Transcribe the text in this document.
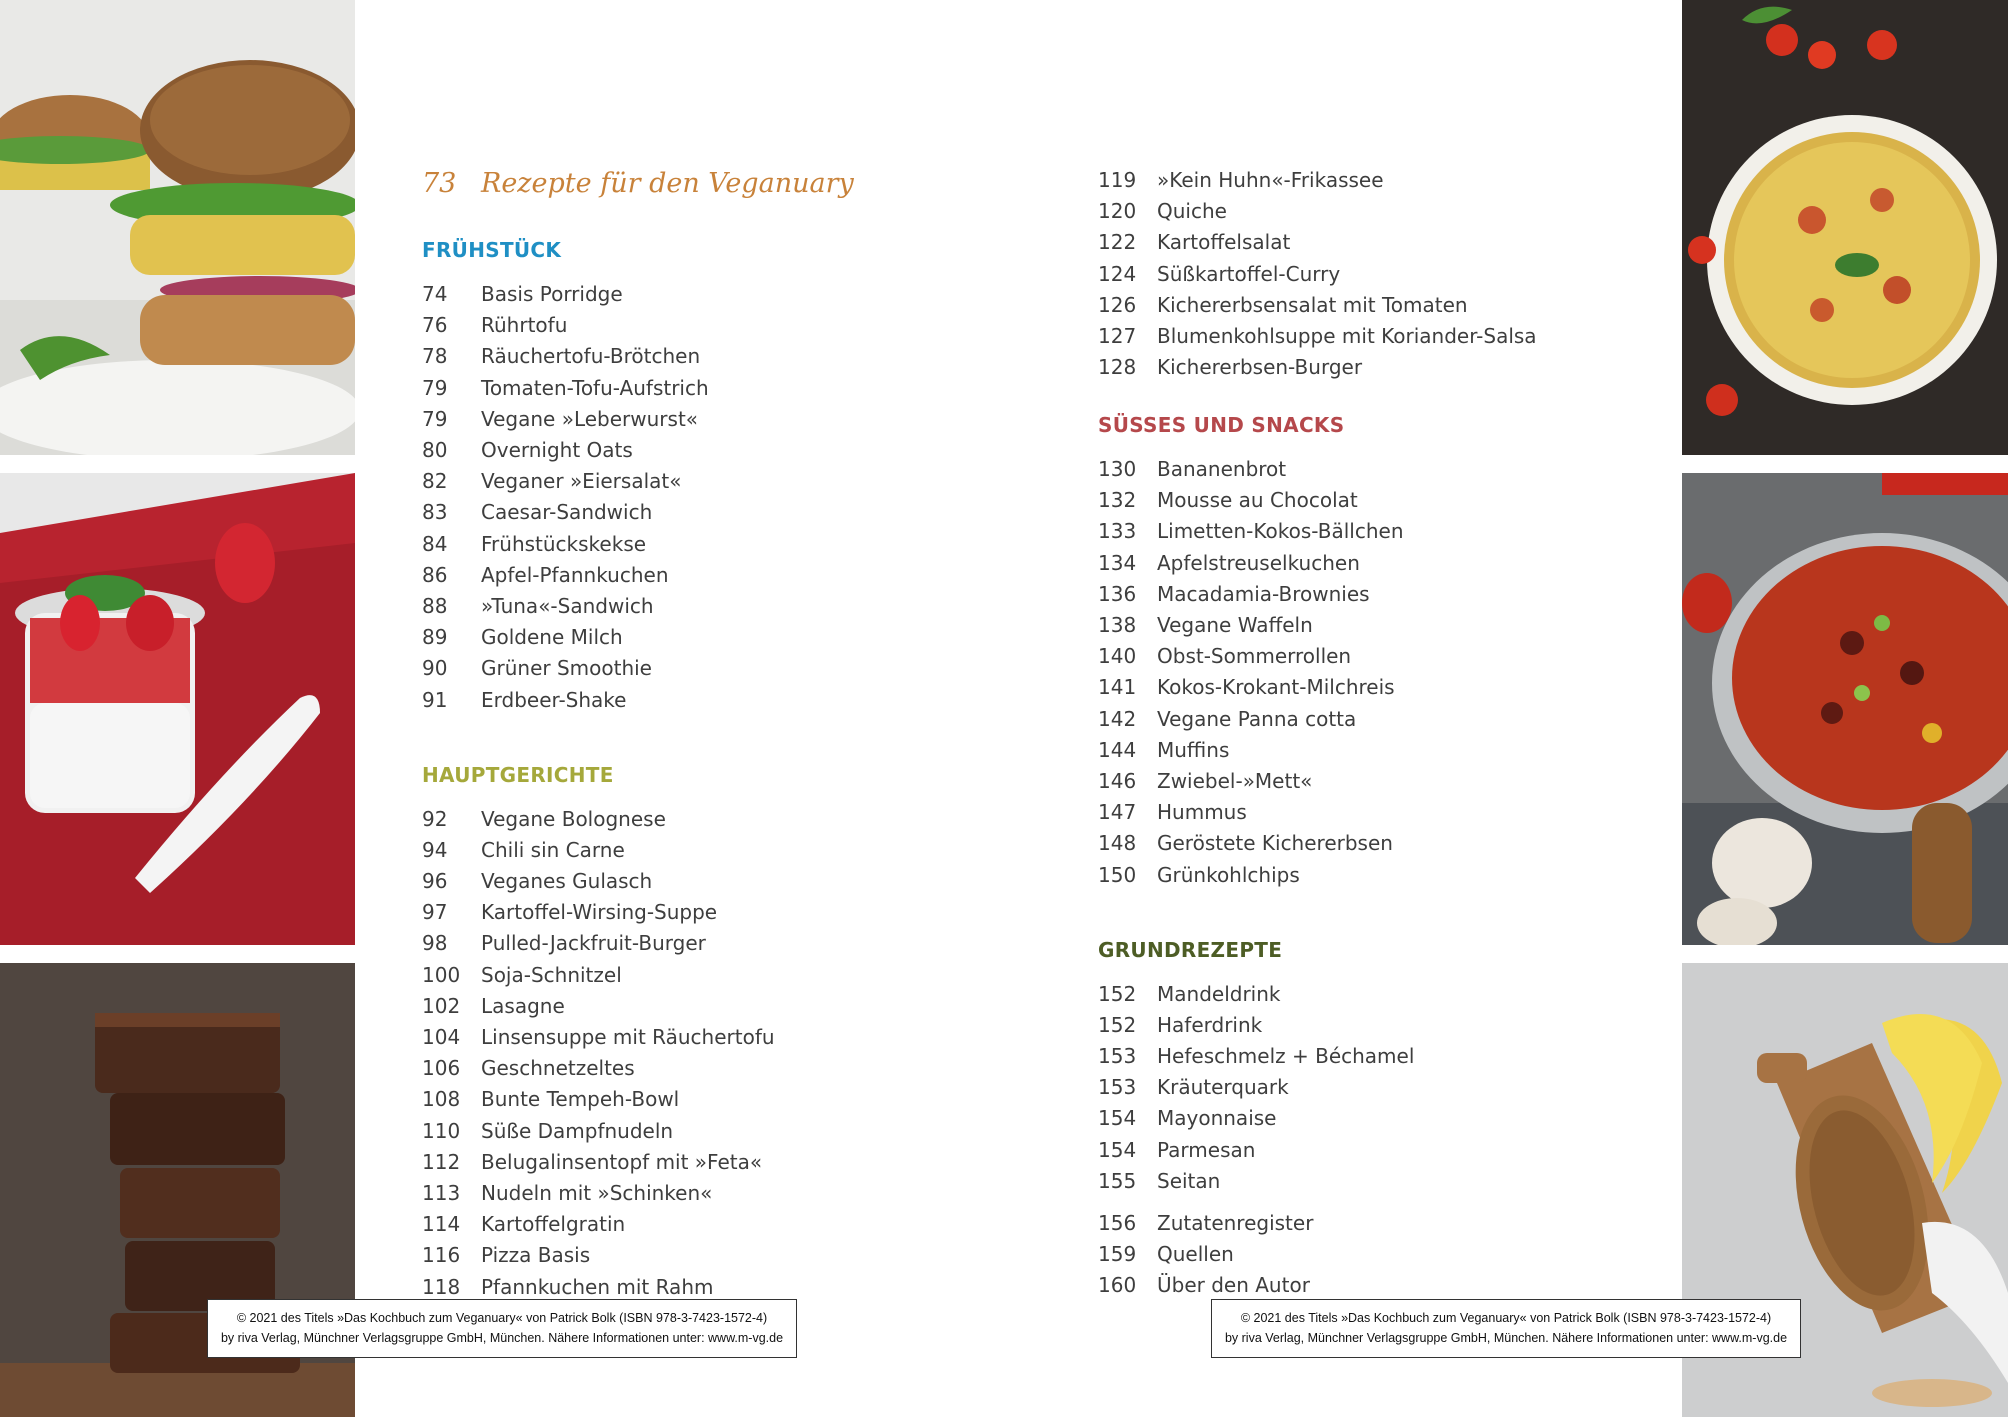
73 Rezepte für den Veganuary
FRÜHSTÜCK
74 Basis Porridge
76 Rührtofu
78 Räuchertofu-Brötchen
79 Tomaten-Tofu-Aufstrich
79 Vegane »Leberwurst«
80 Overnight Oats
82 Veganer »Eiersalat«
83 Caesar-Sandwich
84 Frühstückskekse
86 Apfel-Pfannkuchen
88 »Tuna«-Sandwich
89 Goldene Milch
90 Grüner Smoothie
91 Erdbeer-Shake
HAUPTGERICHTE
92 Vegane Bolognese
94 Chili sin Carne
96 Veganes Gulasch
97 Kartoffel-Wirsing-Suppe
98 Pulled-Jackfruit-Burger
100 Soja-Schnitzel
102 Lasagne
104 Linsensuppe mit Räuchertofu
106 Geschnetzeltes
108 Bunte Tempeh-Bowl
110 Süße Dampfnudeln
112 Belugalinsentopf mit »Feta«
113 Nudeln mit »Schinken«
114 Kartoffelgratin
116 Pizza Basis
118 Pfannkuchen mit Rahm
119 »Kein Huhn«-Frikassee
120 Quiche
122 Kartoffelsalat
124 Süßkartoffel-Curry
126 Kichererbsensalat mit Tomaten
127 Blumenkohlsuppe mit Koriander-Salsa
128 Kichererbsen-Burger
SÜSSES UND SNACKS
130 Bananenbrot
132 Mousse au Chocolat
133 Limetten-Kokos-Bällchen
134 Apfelstreuselkuchen
136 Macadamia-Brownies
138 Vegane Waffeln
140 Obst-Sommerrollen
141 Kokos-Krokant-Milchreis
142 Vegane Panna cotta
144 Muffins
146 Zwiebel-»Mett«
147 Hummus
148 Geröstete Kichererbsen
150 Grünkohlchips
GRUNDREZEPTE
152 Mandeldrink
152 Haferdrink
153 Hefeschmelz + Béchamel
153 Kräuterquark
154 Mayonnaise
154 Parmesan
155 Seitan
156 Zutatenregister
159 Quellen
160 Über den Autor
© 2021 des Titels »Das Kochbuch zum Veganuary« von Patrick Bolk (ISBN 978-3-7423-1572-4)
by riva Verlag, Münchner Verlagsgruppe GmbH, München. Nähere Informationen unter: www.m-vg.de
© 2021 des Titels »Das Kochbuch zum Veganuary« von Patrick Bolk (ISBN 978-3-7423-1572-4)
by riva Verlag, Münchner Verlagsgruppe GmbH, München. Nähere Informationen unter: www.m-vg.de
